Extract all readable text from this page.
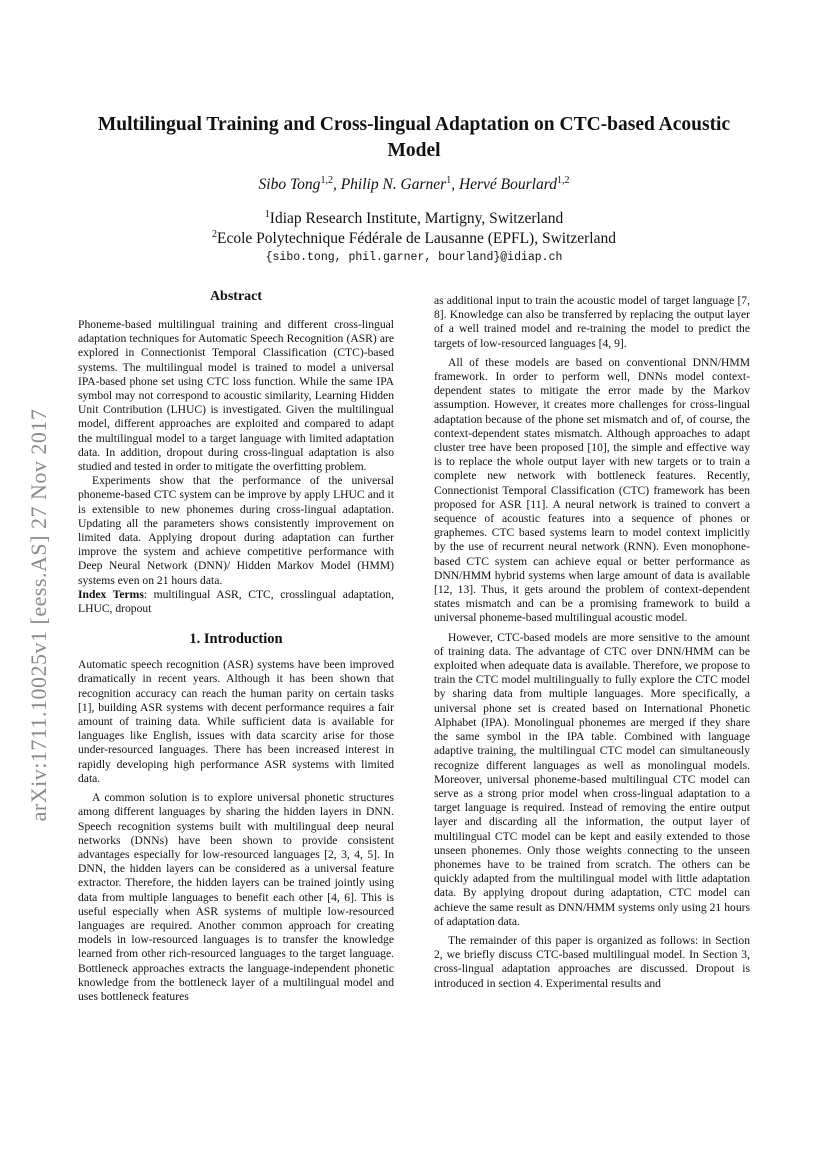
arXiv:1711.10025v1 [eess.AS] 27 Nov 2017
Multilingual Training and Cross-lingual Adaptation on CTC-based Acoustic Model
Sibo Tong$^{1,2}$, Philip N. Garner$^1$, Hervé Bourlard$^{1,2}$
$^1$Idiap Research Institute, Martigny, Switzerland
$^2$Ecole Polytechnique Fédérale de Lausanne (EPFL), Switzerland
{sibo.tong, phil.garner, bourland}@idiap.ch
Abstract

Phoneme-based multilingual training and different cross-lingual adaptation techniques for Automatic Speech Recognition (ASR) are explored in Connectionist Temporal Classification (CTC)-based systems. The multilingual model is trained to model a universal IPA-based phone set using CTC loss function. While the same IPA symbol may not correspond to acoustic similarity, Learning Hidden Unit Contribution (LHUC) is investigated. Given the multilingual model, different approaches are exploited and compared to adapt the multilingual model to a target language with limited adaptation data. In addition, dropout during cross-lingual adaptation is also studied and tested in order to mitigate the overfitting problem.

Experiments show that the performance of the universal phoneme-based CTC system can be improve by apply LHUC and it is extensible to new phonemes during cross-lingual adaptation. Updating all the parameters shows consistently improvement on limited data. Applying dropout during adaptation can further improve the system and achieve competitive performance with Deep Neural Network (DNN)/ Hidden Markov Model (HMM) systems even on 21 hours data.

Index Terms: multilingual ASR, CTC, crosslingual adaptation, LHUC, dropout

1. Introduction

Automatic speech recognition (ASR) systems have been improved dramatically in recent years. Although it has been shown that recognition accuracy can reach the human parity on certain tasks [1], building ASR systems with decent performance requires a fair amount of training data. While sufficient data is available for languages like English, issues with data scarcity arise for those under-resourced languages. There has been increased interest in rapidly developing high performance ASR systems with limited data.

A common solution is to explore universal phonetic structures among different languages by sharing the hidden layers in DNN. Speech recognition systems built with multilingual deep neural networks (DNNs) have been shown to provide consistent advantages especially for low-resourced languages [2, 3, 4, 5]. In DNN, the hidden layers can be considered as a universal feature extractor. Therefore, the hidden layers can be trained jointly using data from multiple languages to benefit each other [4, 6]. This is useful especially when ASR systems of multiple low-resourced languages are required. Another common approach for creating models in low-resourced languages is to transfer the knowledge learned from other rich-resourced languages to the target language. Bottleneck approaches extracts the language-independent phonetic knowledge from the bottleneck layer of a multilingual model and uses bottleneck features

as additional input to train the acoustic model of target language [7, 8]. Knowledge can also be transferred by replacing the output layer of a well trained model and re-training the model to predict the targets of low-resourced languages [4, 9].

All of these models are based on conventional DNN/HMM framework. In order to perform well, DNNs model context-dependent states to mitigate the error made by the Markov assumption. However, it creates more challenges for cross-lingual adaptation because of the phone set mismatch and of, of course, the context-dependent states mismatch. Although approaches to adapt cluster tree have been proposed [10], the simple and effective way is to replace the whole output layer with new targets or to train a complete new network with bottleneck features. Recently, Connectionist Temporal Classification (CTC) framework has been proposed for ASR [11]. A neural network is trained to convert a sequence of acoustic features into a sequence of phones or graphemes. CTC based systems learn to model context implicitly by the use of recurrent neural network (RNN). Even monophone-based CTC system can achieve equal or better performance as DNN/HMM hybrid systems when large amount of data is available [12, 13]. Thus, it gets around the problem of context-dependent states mismatch and can be a promising framework to build a universal phoneme-based multilingual acoustic model.

However, CTC-based models are more sensitive to the amount of training data. The advantage of CTC over DNN/HMM can be exploited when adequate data is available. Therefore, we propose to train the CTC model multilingually to fully explore the CTC model by sharing data from multiple languages. More specifically, a universal phone set is created based on International Phonetic Alphabet (IPA). Monolingual phonemes are merged if they share the same symbol in the IPA table. Combined with language adaptive training, the multilingual CTC model can simultaneously recognize different languages as well as monolingual models. Moreover, universal phoneme-based multilingual CTC model can serve as a strong prior model when cross-lingual adaptation to a target language is required. Instead of removing the entire output layer and discarding all the information, the output layer of multilingual CTC model can be kept and easily extended to those unseen phonemes. Only those weights connecting to the unseen phonemes have to be trained from scratch. The others can be quickly adapted from the multilingual model with little adaptation data. By applying dropout during adaptation, CTC model can achieve the same result as DNN/HMM systems only using 21 hours of adaptation data.

The remainder of this paper is organized as follows: in Section 2, we briefly discuss CTC-based multilingual model. In Section 3, cross-lingual adaptation approaches are discussed. Dropout is introduced in section 4. Experimental results and
